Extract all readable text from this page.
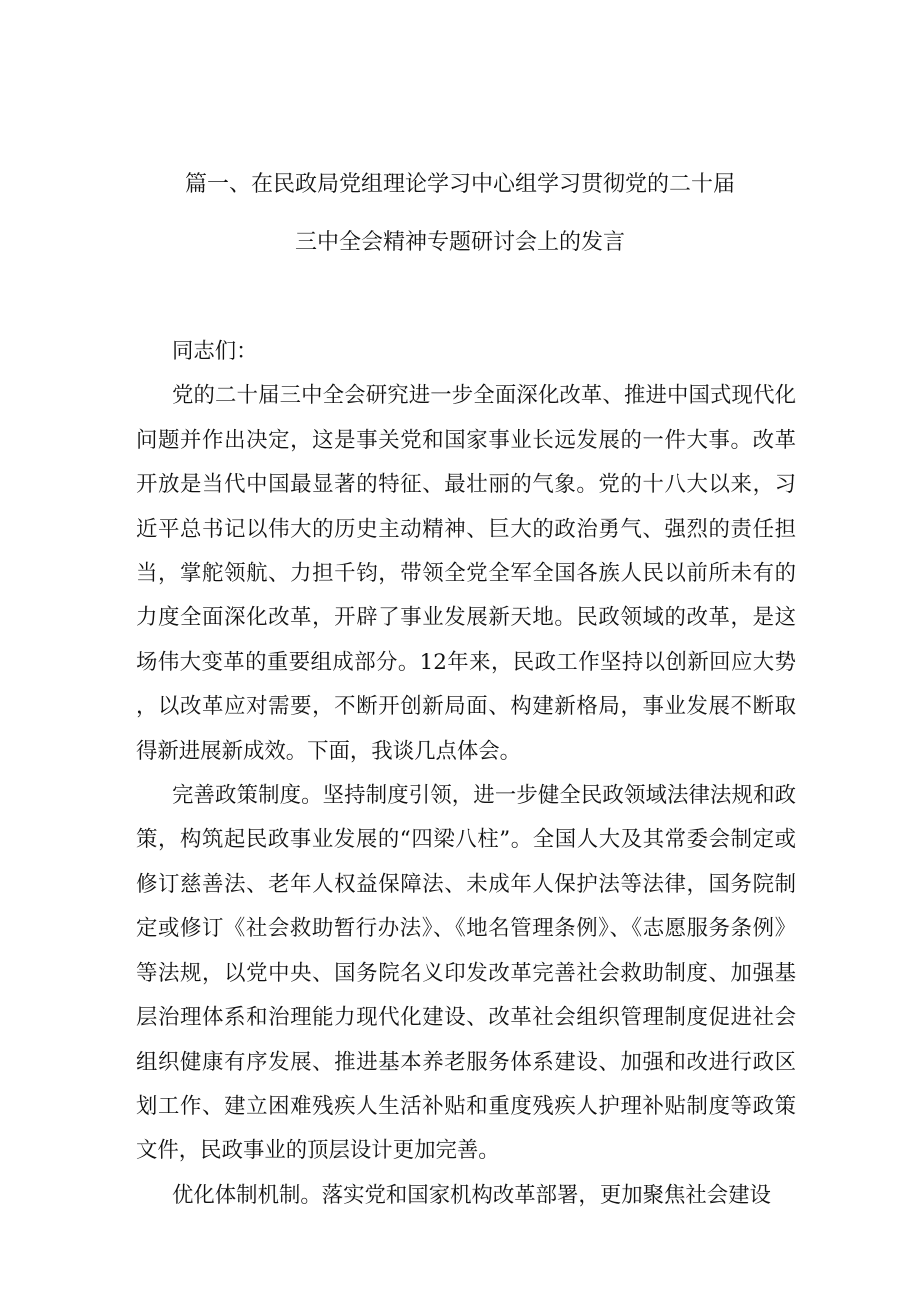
篇一、在民政局党组理论学习中心组学习贯彻党的二十届
三中全会精神专题研讨会上的发言

同志们：

党的二十届三中全会研究进一步全面深化改革、推进中国式现代化问题并作出决定，这是事关党和国家事业长远发展的一件大事。改革开放是当代中国最显著的特征、最壮丽的气象。党的十八大以来，习近平总书记以伟大的历史主动精神、巨大的政治勇气、强烈的责任担当，掌舵领航、力担千钧，带领全党全军全国各族人民以前所未有的力度全面深化改革，开辟了事业发展新天地。民政领域的改革，是这场伟大变革的重要组成部分。12年来，民政工作坚持以创新回应大势，以改革应对需要，不断开创新局面、构建新格局，事业发展不断取得新进展新成效。下面，我谈几点体会。

完善政策制度。坚持制度引领，进一步健全民政领域法律法规和政策，构筑起民政事业发展的“四梁八柱”。全国人大及其常委会制定或修订慈善法、老年人权益保障法、未成年人保护法等法律，国务院制定或修订《社会救助暂行办法》、《地名管理条例》、《志愿服务条例》等法规，以党中央、国务院名义印发改革完善社会救助制度、加强基层治理体系和治理能力现代化建设、改革社会组织管理制度促进社会组织健康有序发展、推进基本养老服务体系建设、加强和改进行政区划工作、建立困难残疾人生活补贴和重度残疾人护理补贴制度等政策文件，民政事业的顶层设计更加完善。

优化体制机制。落实党和国家机构改革部署，更加聚焦社会建设
